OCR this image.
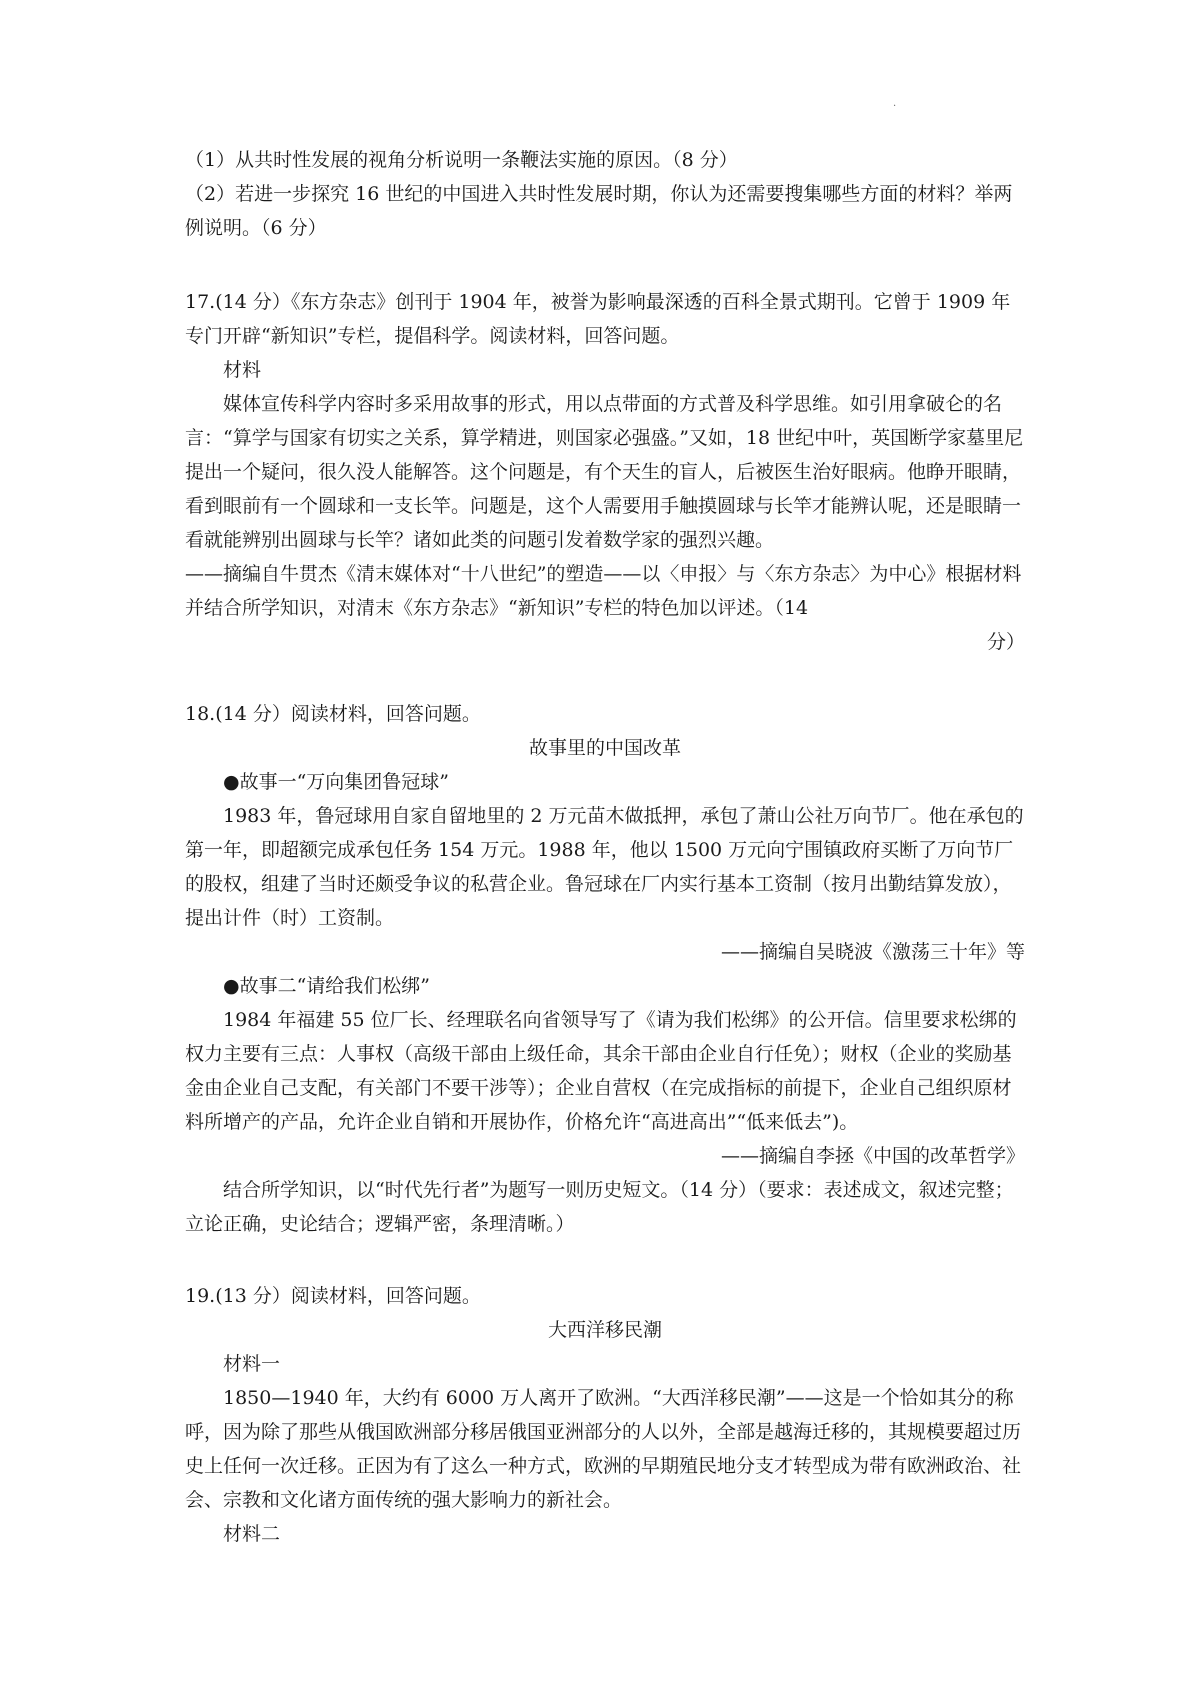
.
（1）从共时性发展的视角分析说明一条鞭法实施的原因。（8 分）
（2）若进一步探究 16 世纪的中国进入共时性发展时期，你认为还需要搜集哪些方面的材料？举两例说明。（6 分）
17.(14 分）《东方杂志》创刊于 1904 年，被誉为影响最深透的百科全景式期刊。它曾于 1909 年专门开辟“新知识”专栏，提倡科学。阅读材料，回答问题。
材料
媒体宣传科学内容时多采用故事的形式，用以点带面的方式普及科学思维。如引用拿破仑的名言：“算学与国家有切实之关系，算学精进，则国家必强盛。”又如，18 世纪中叶，英国断学家墓里尼提出一个疑问，很久没人能解答。这个问题是，有个天生的盲人，后被医生治好眼病。他睁开眼睛，看到眼前有一个圆球和一支长竿。问题是，这个人需要用手触摸圆球与长竿才能辨认呢，还是眼睛一看就能辨别出圆球与长竿？诸如此类的问题引发着数学家的强烈兴趣。
——摘编自牛贯杰《清末媒体对“十八世纪”的塑造——以〈申报〉与〈东方杂志〉为中心》根据材料并结合所学知识，对清末《东方杂志》“新知识”专栏的特色加以评述。（14
分）
18.(14 分）阅读材料，回答问题。
故事里的中国改革
●故事一“万向集团鲁冠球”
1983 年，鲁冠球用自家自留地里的 2 万元苗木做抵押，承包了萧山公社万向节厂。他在承包的第一年，即超额完成承包任务 154 万元。1988 年，他以 1500 万元向宁围镇政府买断了万向节厂的股权，组建了当时还颇受争议的私营企业。鲁冠球在厂内实行基本工资制（按月出勤结算发放），提出计件（时）工资制。
——摘编自吴晓波《激荡三十年》等
●故事二“请给我们松绑”
1984 年福建 55 位厂长、经理联名向省领导写了《请为我们松绑》的公开信。信里要求松绑的权力主要有三点：人事权（高级干部由上级任命，其余干部由企业自行任免）；财权（企业的奖励基金由企业自己支配，有关部门不要干涉等）；企业自营权（在完成指标的前提下，企业自己组织原材料所增产的产品，允许企业自销和开展协作，价格允许“高进高出”“低来低去”)。
——摘编自李拯《中国的改革哲学》
结合所学知识，以“时代先行者”为题写一则历史短文。（14 分）（要求：表述成文，叙述完整；立论正确，史论结合；逻辑严密，条理清晰。）
19.(13 分）阅读材料，回答问题。
大西洋移民潮
材料一
1850—1940 年，大约有 6000 万人离开了欧洲。“大西洋移民潮”——这是一个恰如其分的称呼，因为除了那些从俄国欧洲部分移居俄国亚洲部分的人以外，全部是越海迁移的，其规模要超过历史上任何一次迁移。正因为有了这么一种方式，欧洲的早期殖民地分支才转型成为带有欧洲政治、社会、宗教和文化诸方面传统的强大影响力的新社会。
材料二
